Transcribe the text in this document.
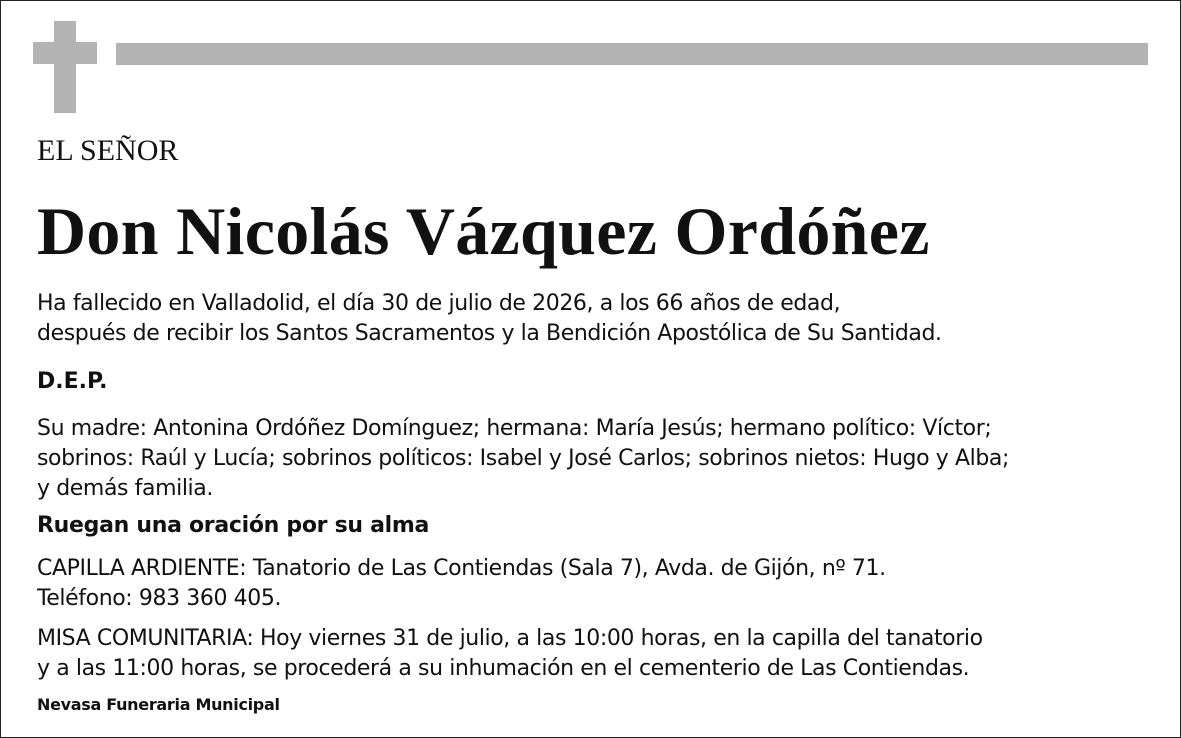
EL SEÑOR

Don Nicolás Vázquez Ordóñez

Ha fallecido en Valladolid, el día 30 de julio de 2026, a los 66 años de edad,
después de recibir los Santos Sacramentos y la Bendición Apostólica de Su Santidad.

D.E.P.

Su madre: Antonina Ordóñez Domínguez; hermana: María Jesús; hermano político: Víctor;
sobrinos: Raúl y Lucía; sobrinos políticos: Isabel y José Carlos; sobrinos nietos: Hugo y Alba;
y demás familia.

Ruegan una oración por su alma

CAPILLA ARDIENTE: Tanatorio de Las Contiendas (Sala 7), Avda. de Gijón, nº 71.
Teléfono: 983 360 405.
MISA COMUNITARIA: Hoy viernes 31 de julio, a las 10:00 horas, en la capilla del tanatorio
y a las 11:00 horas, se procederá a su inhumación en el cementerio de Las Contiendas.

Nevasa Funeraria Municipal
